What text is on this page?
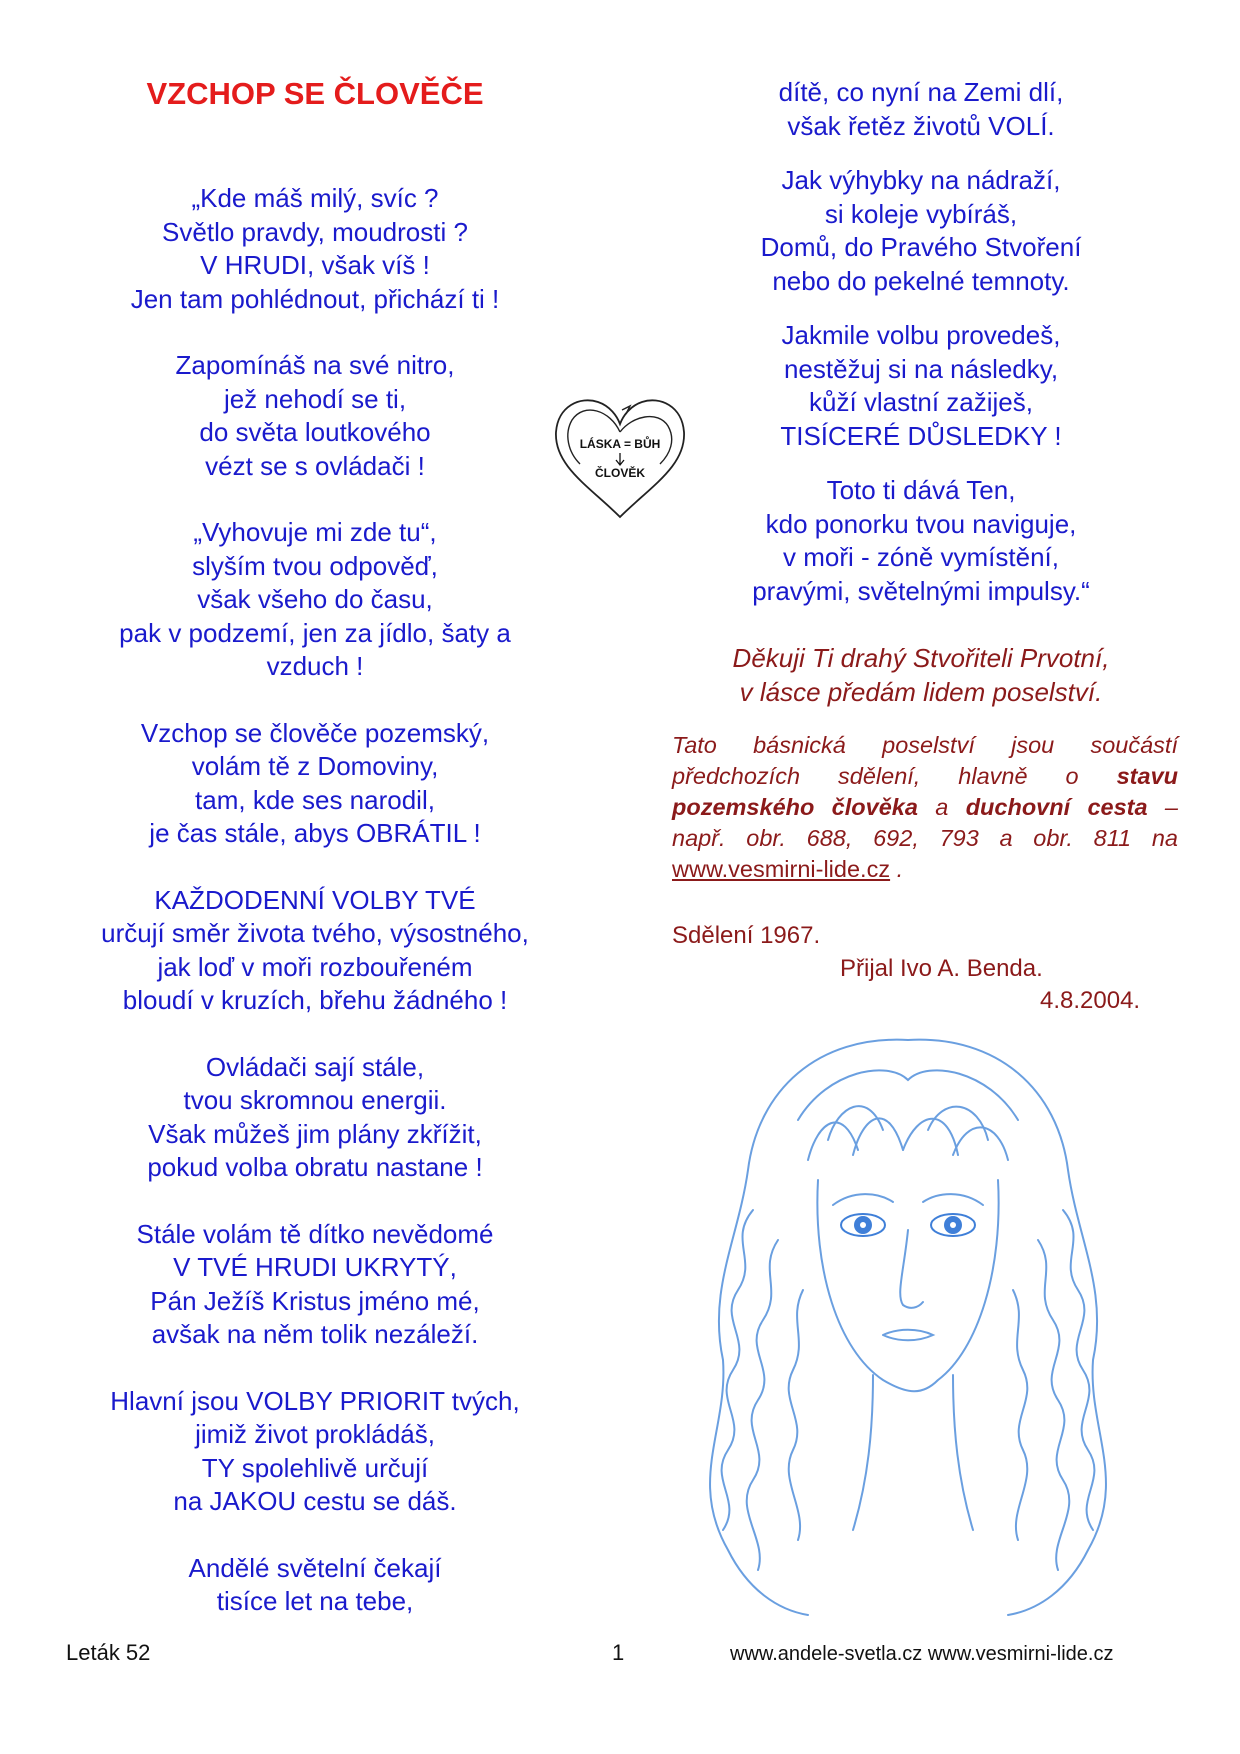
VZCHOP SE ČLOVĚČE
„Kde máš milý, svíc ?
Světlo pravdy, moudrosti ?
V HRUDI, však víš !
Jen tam pohlédnout, přichází ti !
Zapomínáš na své nitro,
jež nehodí se ti,
do světa loutkového
vézt se s ovládači !
„Vyhovuje mi zde tu“,
slyším tvou odpověď,
však všeho do času,
pak v podzemí, jen za jídlo, šaty a
vzduch !
Vzchop se člověče pozemský,
volám tě z Domoviny,
tam, kde ses narodil,
je čas stále, abys OBRÁTIL !
KAŽDODENNÍ VOLBY TVÉ
určují směr života tvého, výsostného,
jak loď v moři rozbouřeném
bloudí v kruzích, břehu žádného !
Ovládači sají stále,
tvou skromnou energii.
Však můžeš jim plány zkřížit,
pokud volba obratu nastane !
Stále volám tě dítko nevědomé
V TVÉ HRUDI UKRYTÝ,
Pán Ježíš Kristus jméno mé,
avšak na něm tolik nezáleží.
Hlavní jsou VOLBY PRIORIT tvých,
jimiž život prokládáš,
TY spolehlivě určují
na JAKOU cestu se dáš.
Andělé světelní čekají
tisíce let na tebe,
dítě, co nyní na Zemi dlí,
však řetěz životů VOLÍ.
Jak výhybky na nádraží,
si koleje vybíráš,
Domů, do Pravého Stvoření
nebo do pekelné temnoty.
Jakmile volbu provedeš,
nestěžuj si na následky,
kůží vlastní zažiješ,
TISÍCERÉ DŮSLEDKY !
Toto ti dává Ten,
kdo ponorku tvou naviguje,
v moři - zóně vymístění,
pravými, světelnými impulsy.“
LÁSKA = BŮH
ČLOVĚK
Děkuji Ti drahý Stvořiteli Prvotní,
v lásce předám lidem poselství.
Tato básnická poselství jsou součástí předchozích sdělení, hlavně o stavu pozemského člověka a duchovní cesta – např. obr. 688, 692, 793 a obr. 811 na www.vesmirni-lide.cz .
Sdělení 1967.
Přijal Ivo A. Benda.
4.8.2004.
Leták 52	1	www.andele-svetla.cz www.vesmirni-lide.cz
